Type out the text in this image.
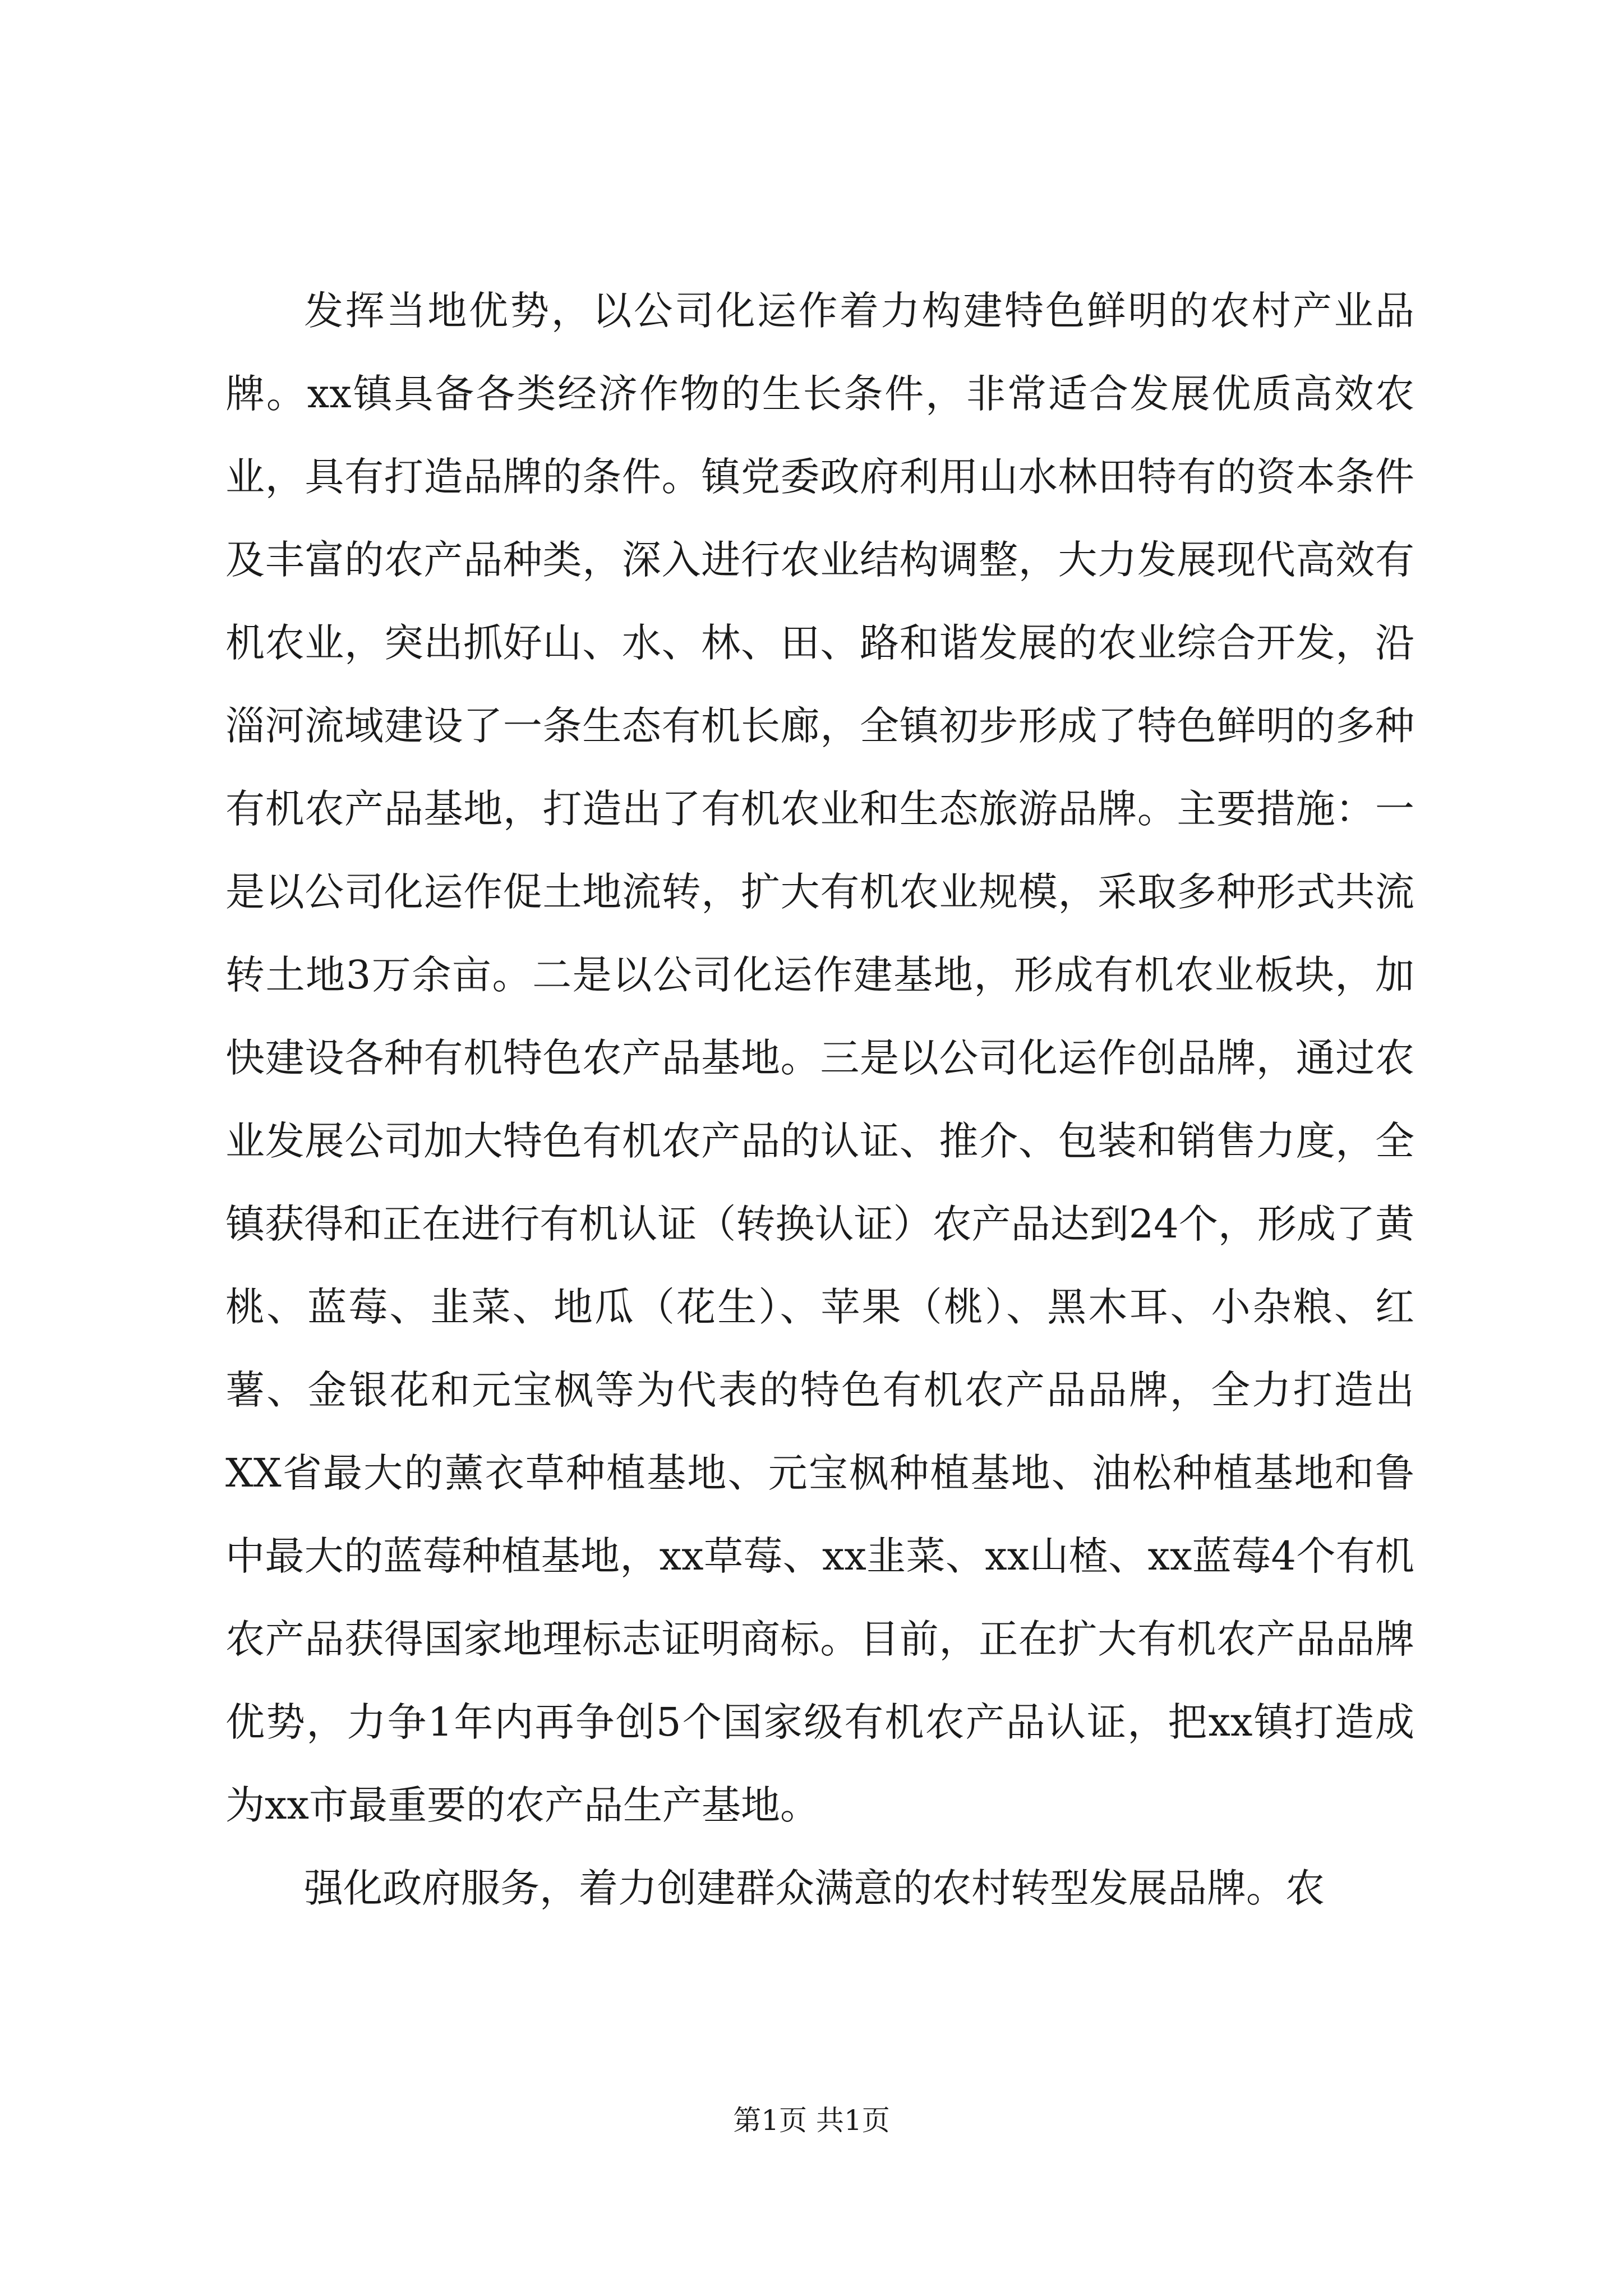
发挥当地优势，以公司化运作着力构建特色鲜明的农村产业品牌。xx镇具备各类经济作物的生长条件，非常适合发展优质高效农业，具有打造品牌的条件。镇党委政府利用山水林田特有的资本条件及丰富的农产品种类，深入进行农业结构调整，大力发展现代高效有机农业，突出抓好山、水、林、田、路和谐发展的农业综合开发，沿淄河流域建设了一条生态有机长廊，全镇初步形成了特色鲜明的多种有机农产品基地，打造出了有机农业和生态旅游品牌。主要措施：一是以公司化运作促土地流转，扩大有机农业规模，采取多种形式共流转土地3万余亩。二是以公司化运作建基地，形成有机农业板块，加快建设各种有机特色农产品基地。三是以公司化运作创品牌，通过农业发展公司加大特色有机农产品的认证、推介、包装和销售力度，全镇获得和正在进行有机认证（转换认证）农产品达到24个，形成了黄桃、蓝莓、韭菜、地瓜（花生）、苹果（桃）、黑木耳、小杂粮、红薯、金银花和元宝枫等为代表的特色有机农产品品牌，全力打造出XX省最大的薰衣草种植基地、元宝枫种植基地、油松种植基地和鲁中最大的蓝莓种植基地，xx草莓、xx韭菜、xx山楂、xx蓝莓4个有机农产品获得国家地理标志证明商标。目前，正在扩大有机农产品品牌优势，力争1年内再争创5个国家级有机农产品认证，把xx镇打造成为xx市最重要的农产品生产基地。

强化政府服务，着力创建群众满意的农村转型发展品牌。农

第1页 共1页
